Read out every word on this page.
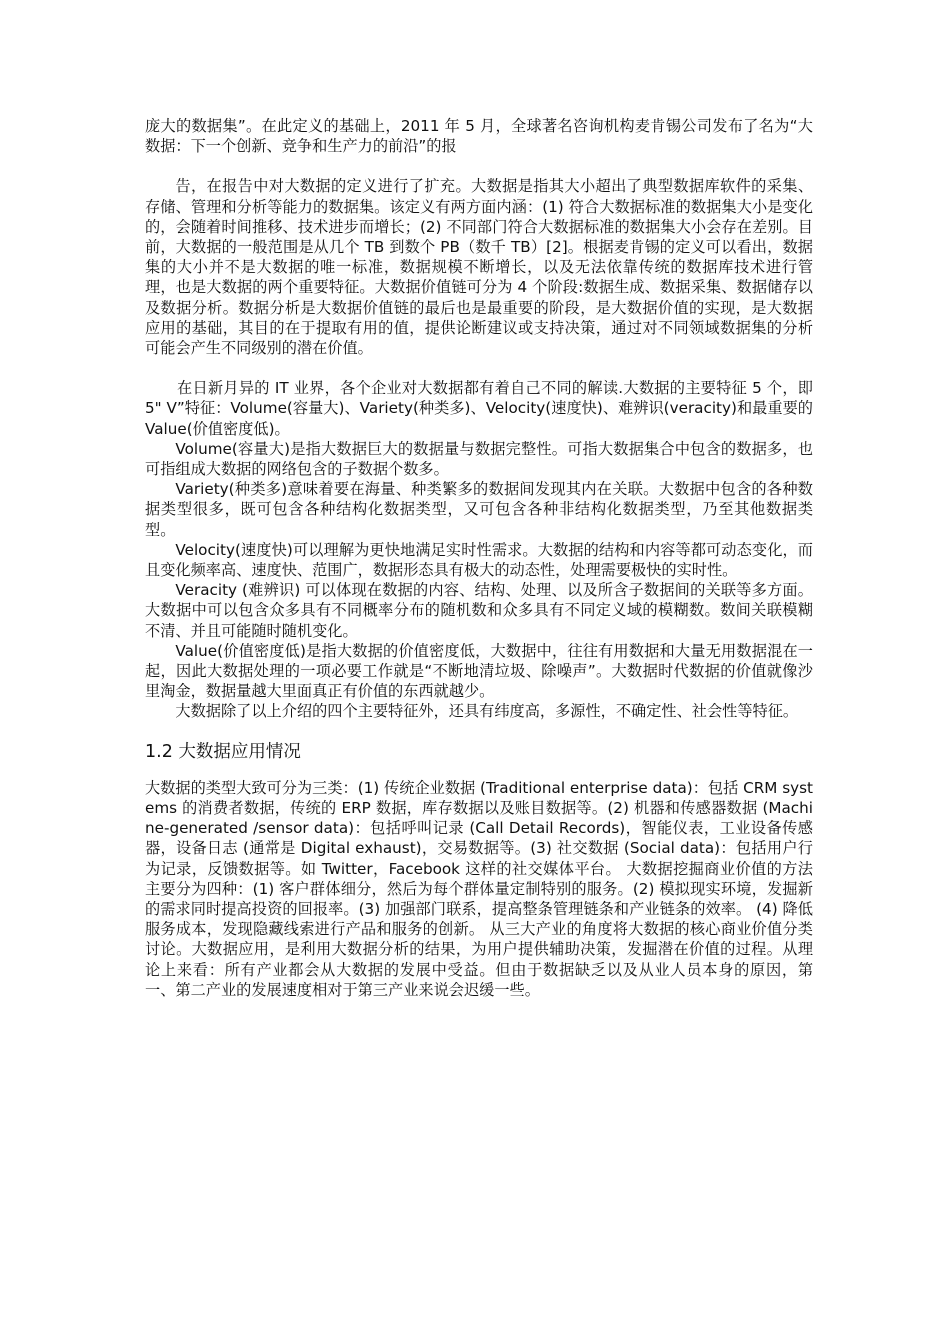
庞大的数据集”。在此定义的基础上，2011 年 5 月，全球著名咨询机构麦肯锡公司发布了名为“大数据：下一个创新、竞争和生产力的前沿”的报

告，在报告中对大数据的定义进行了扩充。大数据是指其大小超出了典型数据库软件的采集、存储、管理和分析等能力的数据集。该定义有两方面内涵：(1) 符合大数据标准的数据集大小是变化的，会随着时间推移、技术进步而增长；(2) 不同部门符合大数据标准的数据集大小会存在差别。目前，大数据的一般范围是从几个 TB 到数个 PB（数千 TB）[2]。根据麦肯锡的定义可以看出，数据集的大小并不是大数据的唯一标准，数据规模不断增长，以及无法依靠传统的数据库技术进行管理，也是大数据的两个重要特征。大数据价值链可分为 4 个阶段:数据生成、数据采集、数据储存以及数据分析。数据分析是大数据价值链的最后也是最重要的阶段，是大数据价值的实现，是大数据应用的基础，其目的在于提取有用的值，提供论断建议或支持决策，通过对不同领域数据集的分析可能会产生不同级别的潜在价值。

在日新月异的 IT 业界，各个企业对大数据都有着自己不同的解读.大数据的主要特征 5 个，即 5" V”特征：Volume(容量大)、Variety(种类多)、Velocity(速度快)、难辨识(veracity)和最重要的 Value(价值密度低)。

Volume(容量大)是指大数据巨大的数据量与数据完整性。可指大数据集合中包含的数据多，也可指组成大数据的网络包含的子数据个数多。

Variety(种类多)意味着要在海量、种类繁多的数据间发现其内在关联。大数据中包含的各种数据类型很多，既可包含各种结构化数据类型，又可包含各种非结构化数据类型，乃至其他数据类型。

Velocity(速度快)可以理解为更快地满足实时性需求。大数据的结构和内容等都可动态变化，而且变化频率高、速度快、范围广，数据形态具有极大的动态性，处理需要极快的实时性。

Veracity (难辨识) 可以体现在数据的内容、结构、处理、以及所含子数据间的关联等多方面。大数据中可以包含众多具有不同概率分布的随机数和众多具有不同定义域的模糊数。数间关联模糊不清、并且可能随时随机变化。

Value(价值密度低)是指大数据的价值密度低，大数据中，往往有用数据和大量无用数据混在一起，因此大数据处理的一项必要工作就是“不断地清垃圾、除噪声”。大数据时代数据的价值就像沙里淘金，数据量越大里面真正有价值的东西就越少。

大数据除了以上介绍的四个主要特征外，还具有纬度高，多源性，不确定性、社会性等特征。

1.2 大数据应用情况

大数据的类型大致可分为三类：(1) 传统企业数据 (Traditional enterprise data)：包括 CRM systems 的消费者数据，传统的 ERP 数据，库存数据以及账目数据等。(2) 机器和传感器数据 (Machine-generated /sensor data)：包括呼叫记录 (Call Detail Records)，智能仪表，工业设备传感器，设备日志 (通常是 Digital exhaust)，交易数据等。(3) 社交数据 (Social data)：包括用户行为记录，反馈数据等。如 Twitter，Facebook 这样的社交媒体平台。 大数据挖掘商业价值的方法主要分为四种：(1) 客户群体细分，然后为每个群体量定制特别的服务。(2) 模拟现实环境，发掘新的需求同时提高投资的回报率。(3) 加强部门联系，提高整条管理链条和产业链条的效率。 (4) 降低服务成本，发现隐藏线索进行产品和服务的创新。 从三大产业的角度将大数据的核心商业价值分类讨论。大数据应用，是利用大数据分析的结果，为用户提供辅助决策，发掘潜在价值的过程。从理论上来看：所有产业都会从大数据的发展中受益。但由于数据缺乏以及从业人员本身的原因，第一、第二产业的发展速度相对于第三产业来说会迟缓一些。
